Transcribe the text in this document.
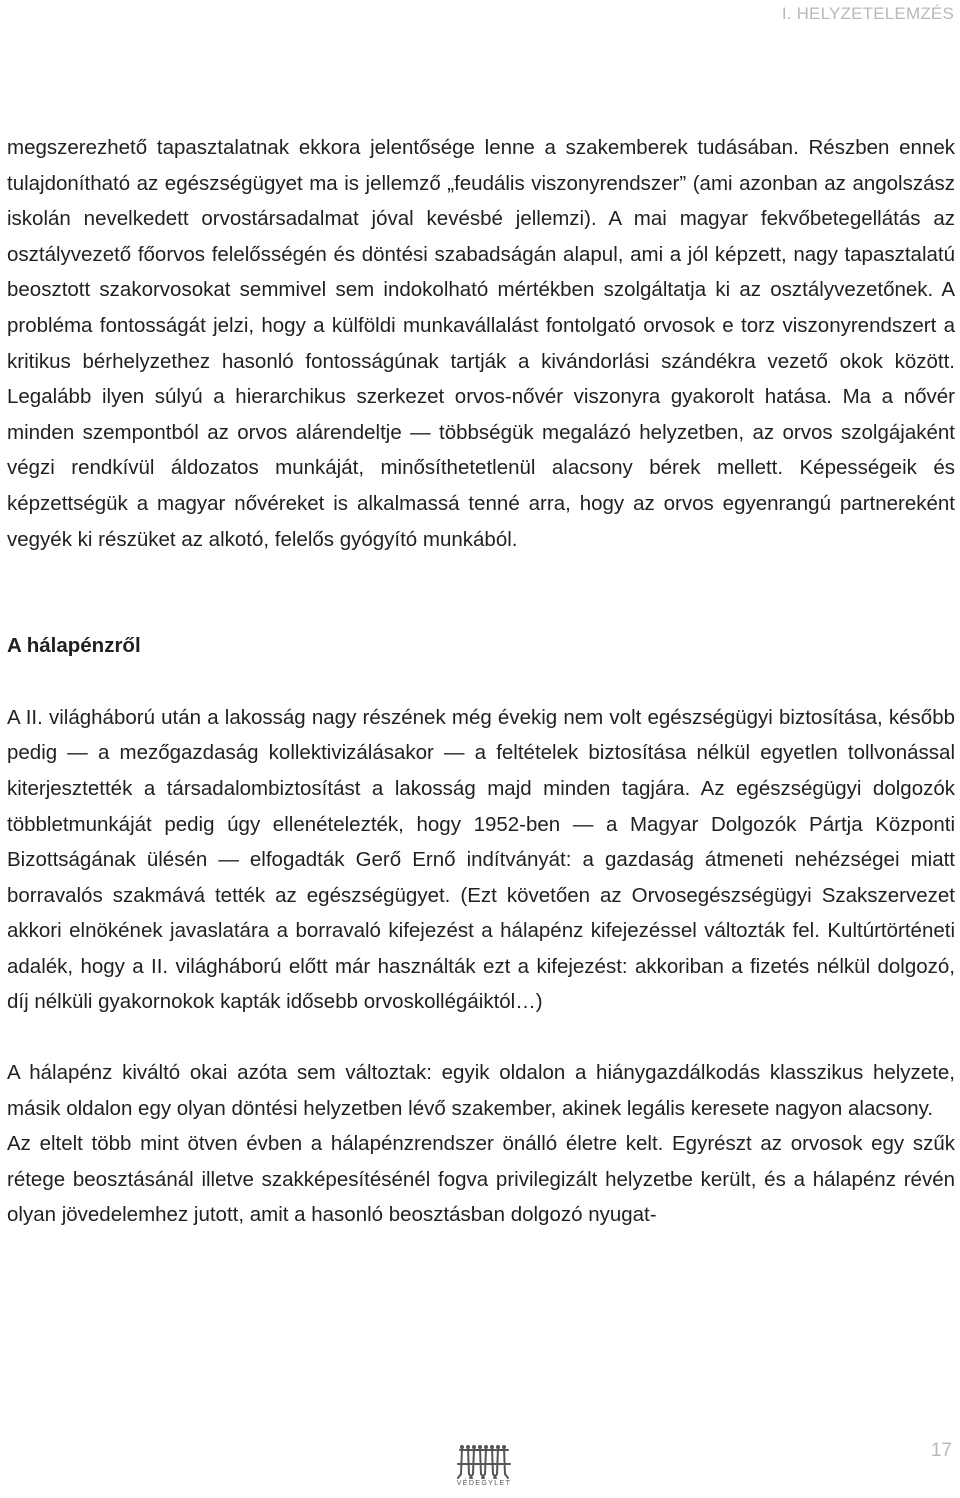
I. HELYZETELEMZÉS

megszerezhető tapasztalatnak ekkora jelentősége lenne a szakemberek tudásában. Részben ennek tulajdonítható az egészségügyet ma is jellemző „feudális viszonyrendszer” (ami azonban az angolszász iskolán nevelkedett orvostársadalmat jóval kevésbé jellemzi). A mai magyar fekvőbetegellátás az osztályvezető főorvos felelősségén és döntési szabadságán alapul, ami a jól képzett, nagy tapasztalatú beosztott szakorvosokat semmivel sem indokolható mértékben szolgáltatja ki az osztályvezetőnek. A probléma fontosságát jelzi, hogy a külföldi munkavállalást fontolgató orvosok e torz viszonyrendszert a kritikus bérhelyzethez hasonló fontosságúnak tartják a kivándorlási szándékra vezető okok között. Legalább ilyen súlyú a hierarchikus szerkezet orvos-nővér viszonyra gyakorolt hatása. Ma a nővér minden szempontból az orvos alárendeltje — többségük megalázó helyzetben, az orvos szolgájaként végzi rendkívül áldozatos munkáját, minősíthetetlenül alacsony bérek mellett. Képességeik és képzettségük a magyar nővéreket is alkalmassá tenné arra, hogy az orvos egyenrangú partnereként vegyék ki részüket az alkotó, felelős gyógyító munkából.

A hálapénzről

A II. világháború után a lakosság nagy részének még évekig nem volt egészségügyi biztosítása, később pedig — a mezőgazdaság kollektivizálásakor — a feltételek biztosítása nélkül egyetlen tollvonással kiterjesztették a társadalombiztosítást a lakosság majd minden tagjára. Az egészségügyi dolgozók többletmunkáját pedig úgy ellenételezték, hogy 1952-ben — a Magyar Dolgozók Pártja Központi Bizottságának ülésén — elfogadták Gerő Ernő indítványát: a gazdaság átmeneti nehézségei miatt borravalós szakmává tették az egészségügyet. (Ezt követően az Orvosegészségügyi Szakszervezet akkori elnökének javaslatára a borravaló kifejezést a hálapénz kifejezéssel változták fel. Kultúrtörténeti adalék, hogy a II. világháború előtt már használták ezt a kifejezést: akkoriban a fizetés nélkül dolgozó, díj nélküli gyakornokok kapták idősebb orvoskollégáiktól…)

A hálapénz kiváltó okai azóta sem változtak: egyik oldalon a hiánygazdálkodás klasszikus helyzete, másik oldalon egy olyan döntési helyzetben lévő szakember, akinek legális keresete nagyon alacsony.

Az eltelt több mint ötven évben a hálapénzrendszer önálló életre kelt. Egyrészt az orvosok egy szűk rétege beosztásánál illetve szakképesítésénél fogva privilegizált helyzetbe került, és a hálapénz révén olyan jövedelemhez jutott, amit a hasonló beosztásban dolgozó nyugat-

VÉDEGYLET
17
